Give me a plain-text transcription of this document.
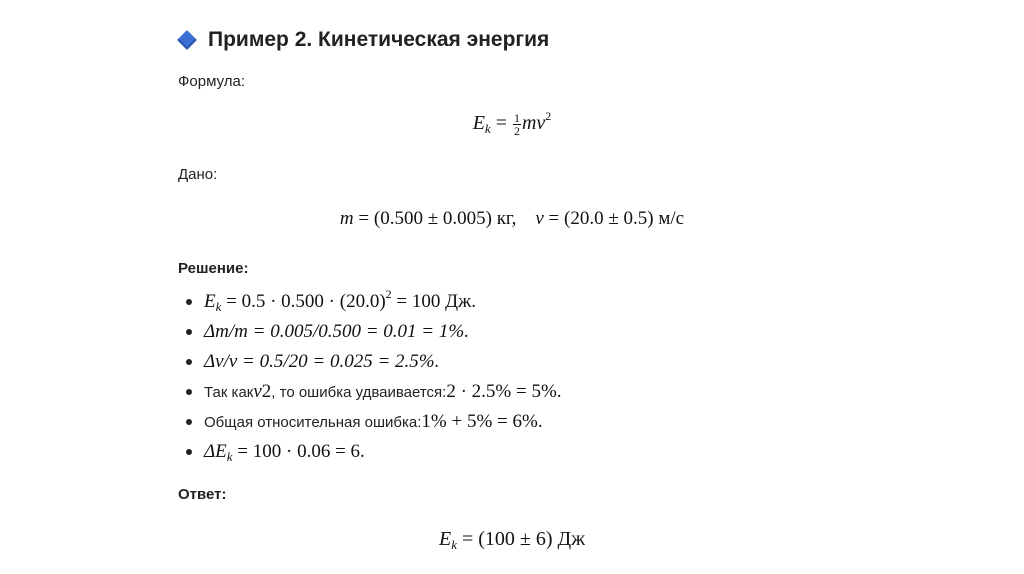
Пример 2. Кинетическая энергия
Формула:
$E_k = \frac{1}{2} mv^2$
Дано:
m = (0.500 ± 0.005) кг, v = (20.0 ± 0.5) м/с
Решение:
$E_k = 0.5 \cdot 0.500 \cdot (20.0)^2 = 100$ Дж.
Δm/m = 0.005/0.500 = 0.01 = 1%.
Δv/v = 0.5/20 = 0.025 = 2.5%.
Так как v 2 , то ошибка удваивается: 2 · 2.5% = 5%.
Общая относительная ошибка: 1% + 5% = 6%.
$\Delta E_k = 100 \cdot 0.06 = 6$.
Ответ:
$E_k = (100 \pm 6)$ Дж
